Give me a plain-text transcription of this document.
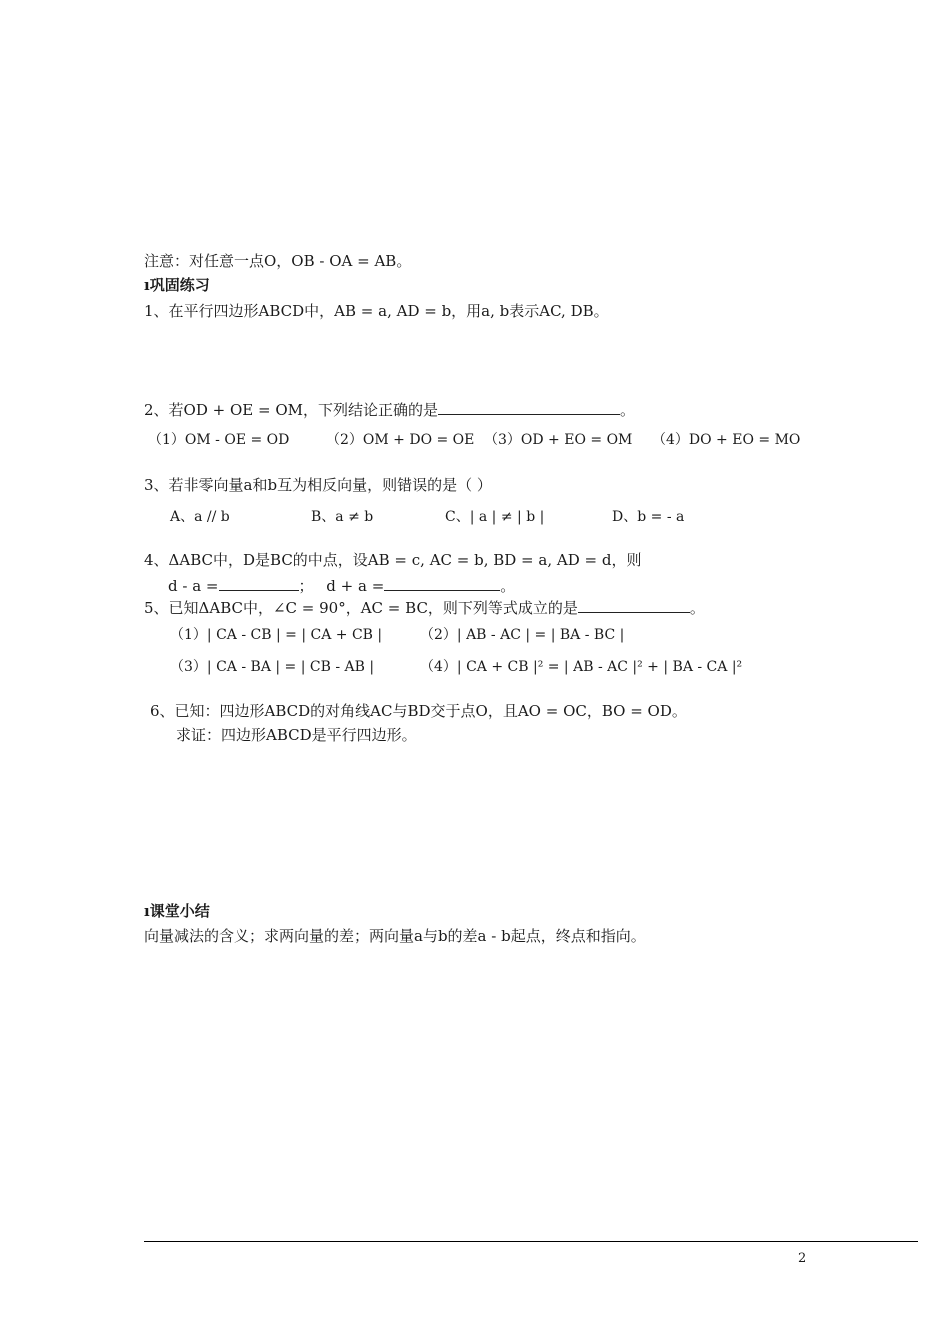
注意：对任意一点O，OB - OA = AB。
ı巩固练习
1、在平行四边形ABCD中，AB = a, AD = b，用a, b表示AC, DB。
2、若OD + OE = OM，下列结论正确的是	。
（1）OM - OE = OD	（2）OM + DO = OE （3）OD + EO = OM （4）DO + EO = MO
3、若非零向量a和b互为相反向量，则错误的是（ ）
A、a // b	B、a ≠ b	C、| a | ≠ | b |	D、b = - a
4、ΔABC中，D是BC的中点，设AB = c, AC = b, BD = a, AD = d，则
d - a =	； d + a =	。
5、已知ΔABC中，∠C = 90°，AC = BC，则下列等式成立的是	。
（1）| CA - CB | = | CA + CB |	（2）| AB - AC | = | BA - BC |
（3）| CA - BA | = | CB - AB |	（4）| CA + CB |² = | AB - AC |² + | BA - CA |²
6、已知：四边形ABCD的对角线AC与BD交于点O，且AO = OC，BO = OD。
求证：四边形ABCD是平行四边形。
ı课堂小结
向量减法的含义；求两向量的差；两向量a与b的差a - b起点，终点和指向。
2
